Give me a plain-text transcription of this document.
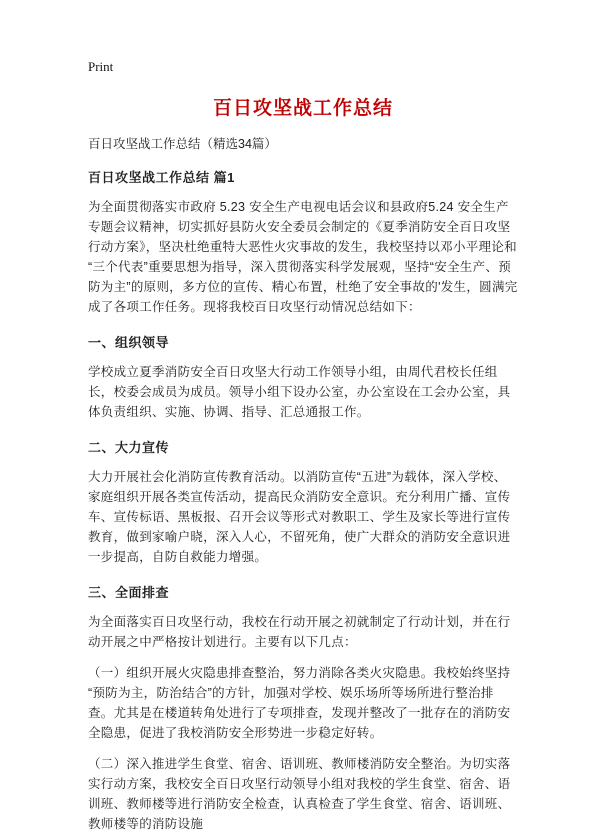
Print
百日攻坚战工作总结
百日攻坚战工作总结（精选34篇）
百日攻坚战工作总结 篇1

为全面贯彻落实市政府 5.23 安全生产电视电话会议和县政府5.24 安全生产专题会议精神，切实抓好县防火安全委员会制定的《夏季消防安全百日攻坚行动方案》，坚决杜绝重特大恶性火灾事故的发生，我校坚持以邓小平理论和“三个代表”重要思想为指导，深入贯彻落实科学发展观，坚持“安全生产、预防为主”的原则，多方位的宣传、精心布置，杜绝了安全事故的'发生，圆满完成了各项工作任务。现将我校百日攻坚行动情况总结如下：

一、组织领导

学校成立夏季消防安全百日攻坚大行动工作领导小组，由周代君校长任组长，校委会成员为成员。领导小组下设办公室，办公室设在工会办公室，具体负责组织、实施、协调、指导、汇总通报工作。

二、大力宣传

大力开展社会化消防宣传教育活动。以消防宣传“五进”为载体，深入学校、家庭组织开展各类宣传活动，提高民众消防安全意识。充分利用广播、宣传车、宣传标语、黑板报、召开会议等形式对教职工、学生及家长等进行宣传教育，做到家喻户晓，深入人心，不留死角，使广大群众的消防安全意识进一步提高，自防自救能力增强。

三、全面排查

为全面落实百日攻坚行动，我校在行动开展之初就制定了行动计划，并在行动开展之中严格按计划进行。主要有以下几点：

（一）组织开展火灾隐患排查整治，努力消除各类火灾隐患。我校始终坚持“预防为主，防治结合”的方针，加强对学校、娱乐场所等场所进行整治排查。尤其是在楼道转角处进行了专项排查，发现并整改了一批存在的消防安全隐患，促进了我校消防安全形势进一步稳定好转。

（二）深入推进学生食堂、宿舍、语训班、教师楼消防安全整治。为切实落实行动方案，我校安全百日攻坚行动领导小组对我校的学生食堂、宿舍、语训班、教师楼等进行消防安全检查，认真检查了学生食堂、宿舍、语训班、教师楼等的消防设施
